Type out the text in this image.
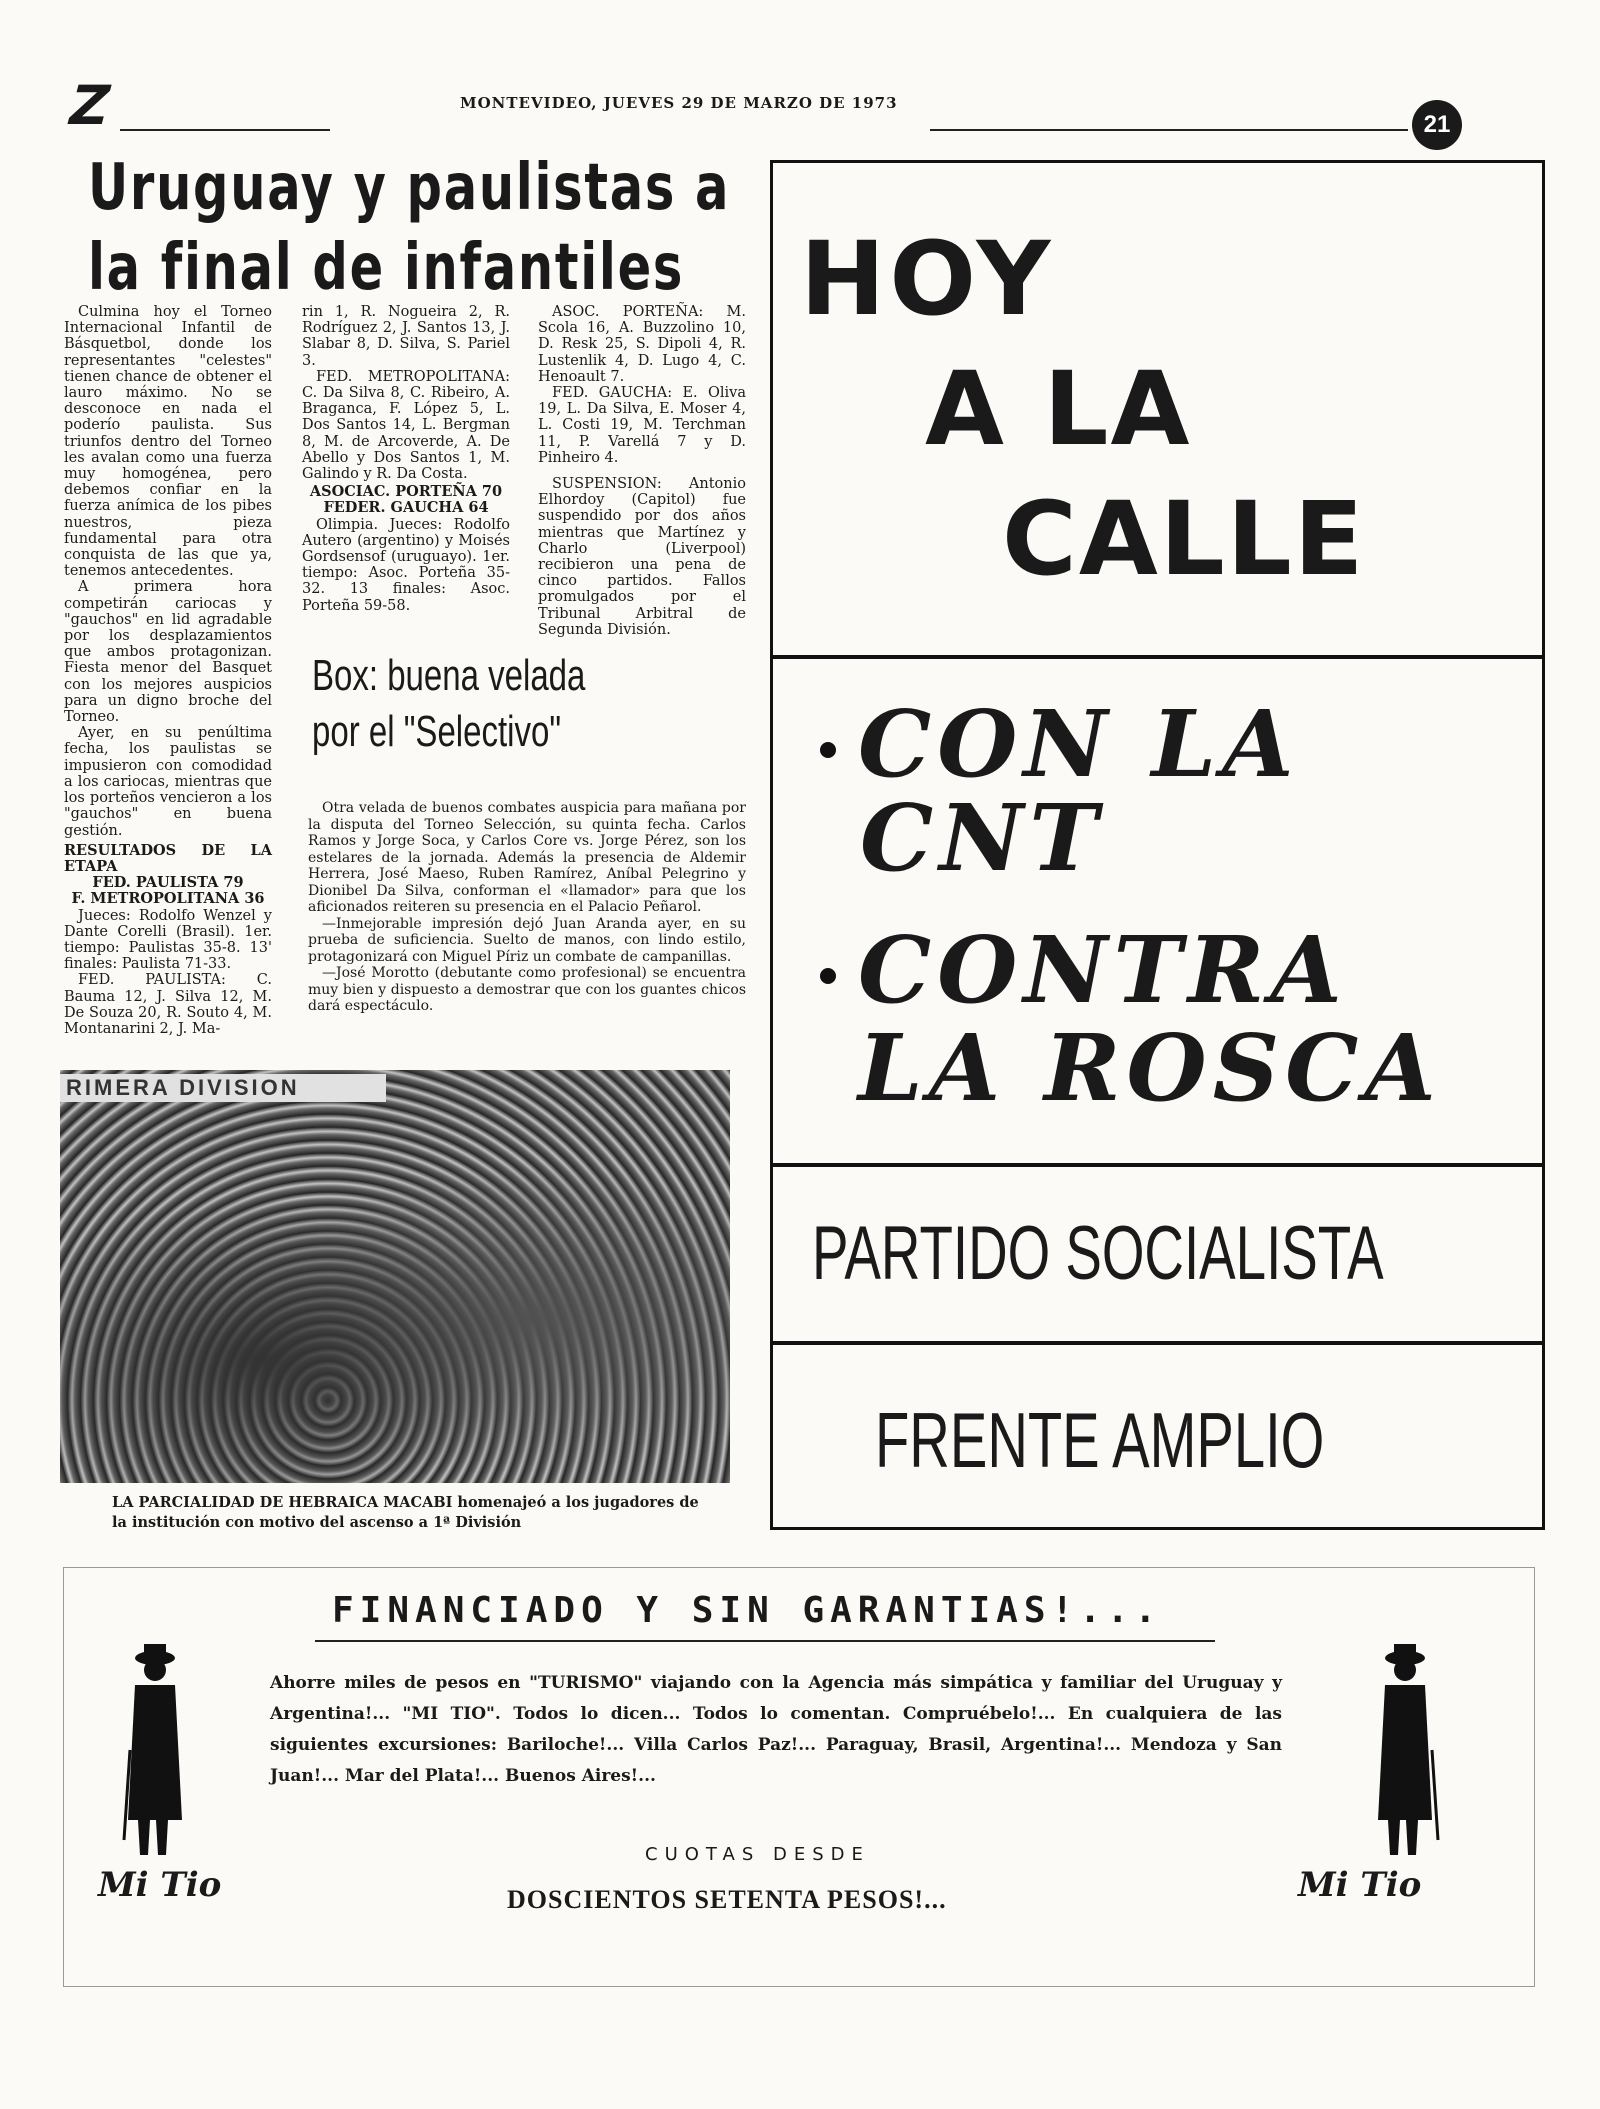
Z	MONTEVIDEO, JUEVES 29 DE MARZO DE 1973
21
Uruguay y paulistas a
la final de infantiles

Culmina hoy el Torneo Internacional Infantil de Básquetbol, donde los representantes "celestes" tienen chance de obtener el lauro máximo. No se desconoce en nada el poderío paulista. Sus triunfos dentro del Torneo les avalan como una fuerza muy homogénea, pero debemos confiar en la fuerza anímica de los pibes nuestros, pieza fundamental para otra conquista de las que ya, tenemos antecedentes.

A primera hora competirán cariocas y "gauchos" en lid agradable por los desplazamientos que ambos protagonizan. Fiesta menor del Basquet con los mejores auspicios para un digno broche del Torneo.

Ayer, en su penúltima fecha, los paulistas se impusieron con comodidad a los cariocas, mientras que los porteños vencieron a los "gauchos" en buena gestión.

RESULTADOS DE LA ETAPA

FED. PAULISTA 79

F. METROPOLITANA 36

Jueces: Rodolfo Wenzel y Dante Corelli (Brasil). 1er. tiempo: Paulistas 35-8. 13' finales: Paulista 71-33.

FED. PAULISTA: C. Bauma 12, J. Silva 12, M. De Souza 20, R. Souto 4, M. Montanarini 2, J. Ma-

rin 1, R. Nogueira 2, R. Rodríguez 2, J. Santos 13, J. Slabar 8, D. Silva, S. Pariel 3.

FED. METROPOLITANA: C. Da Silva 8, C. Ribeiro, A. Braganca, F. López 5, L. Dos Santos 14, L. Bergman 8, M. de Arcoverde, A. De Abello y Dos Santos 1, M. Galindo y R. Da Costa.

ASOCIAC. PORTEÑA 70

FEDER. GAUCHA 64

Olimpia. Jueces: Rodolfo Autero (argentino) y Moisés Gordsensof (uruguayo). 1er. tiempo: Asoc. Porteña 35-32. 13 finales: Asoc. Porteña 59-58.

ASOC. PORTEÑA: M. Scola 16, A. Buzzolino 10, D. Resk 25, S. Dipoli 4, R. Lustenlik 4, D. Lugo 4, C. Henoault 7.

FED. GAUCHA: E. Oliva 19, L. Da Silva, E. Moser 4, L. Costi 19, M. Terchman 11, P. Varellá 7 y D. Pinheiro 4.

SUSPENSION: Antonio Elhordoy (Capitol) fue suspendido por dos años mientras que Martínez y Charlo (Liverpool) recibieron una pena de cinco partidos. Fallos promulgados por el Tribunal Arbitral de Segunda División.

Box: buena velada
por el "Selectivo"

Otra velada de buenos combates auspicia para mañana por la disputa del Torneo Selección, su quinta fecha. Carlos Ramos y Jorge Soca, y Carlos Core vs. Jorge Pérez, son los estelares de la jornada. Además la presencia de Aldemir Herrera, José Maeso, Ruben Ramírez, Aníbal Pelegrino y Dionibel Da Silva, conforman el «llamador» para que los aficionados reiteren su presencia en el Palacio Peñarol.

—Inmejorable impresión dejó Juan Aranda ayer, en su prueba de suficiencia. Suelto de manos, con lindo estilo, protagonizará con Miguel Píriz un combate de campanillas.

—José Morotto (debutante como profesional) se encuentra muy bien y dispuesto a demostrar que con los guantes chicos dará espectáculo.

RIMERA DIVISION
LA PARCIALIDAD DE HEBRAICA MACABI homenajeó a los jugadores de la institución con motivo del ascenso a 1ª División
HOY
A LA
CALLE
CON LA
CNT
CONTRA
LA ROSCA
PARTIDO SOCIALISTA
FRENTE AMPLIO
FINANCIADO Y SIN GARANTIAS!...
Ahorre miles de pesos en "TURISMO" viajando con la Agencia más simpática y familiar del Uruguay y Argentina!... "MI TIO". Todos lo dicen... Todos lo comentan. Compruébelo!... En cualquiera de las siguientes excursiones: Bariloche!... Villa Carlos Paz!... Paraguay, Brasil, Argentina!... Mendoza y San Juan!... Mar del Plata!... Buenos Aires!...
CUOTAS DESDE
DOSCIENTOS SETENTA PESOS!...
Mi Tio	Mi Tio
